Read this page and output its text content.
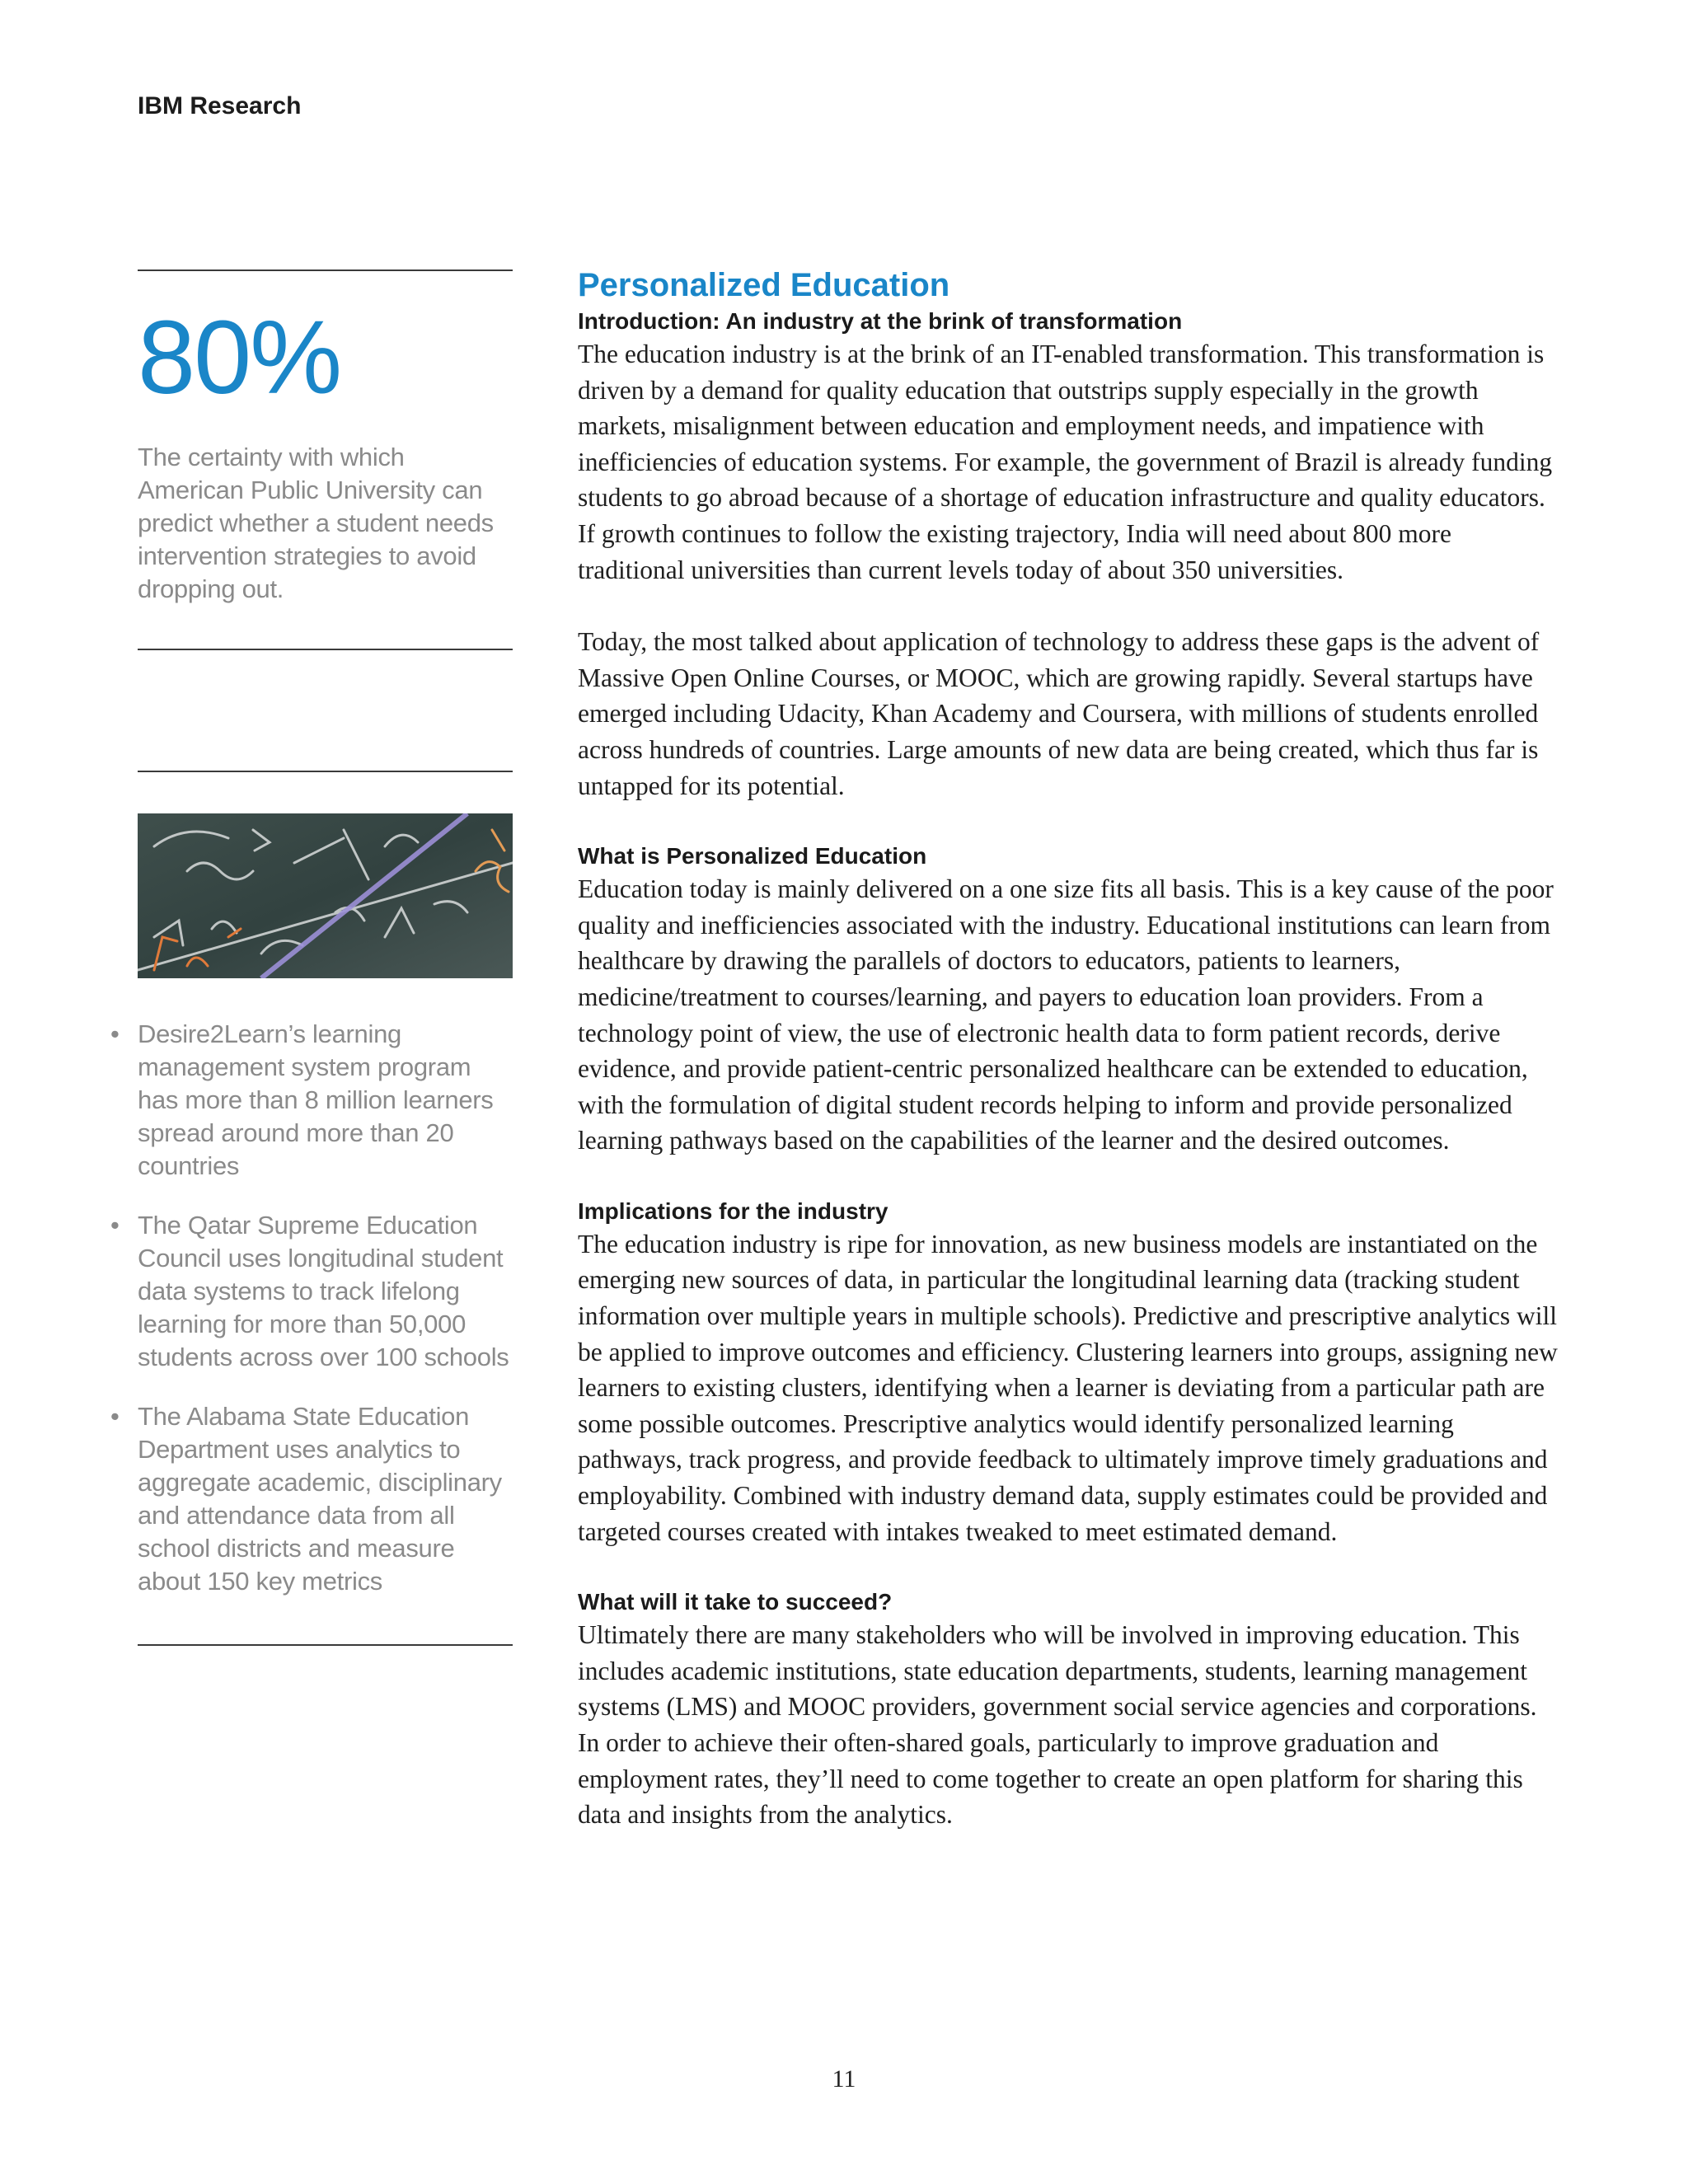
IBM Research
80%
The certainty with which American Public University can predict whether a student needs intervention strategies to avoid dropping out.
• Desire2Learn’s learning management system program has more than 8 million learners spread around more than 20 countries
• The Qatar Supreme Education Council uses longitudinal student data systems to track lifelong learning for more than 50,000 students across over 100 schools
• The Alabama State Education Department uses analytics to aggregate academic, disciplinary and attendance data from all school districts and measure about 150 key metrics
Personalized Education
Introduction: An industry at the brink of transformation

The education industry is at the brink of an IT-enabled transformation. This transformation is driven by a demand for quality education that outstrips supply especially in the growth markets, misalignment between education and employment needs, and impatience with inefficiencies of education systems. For example, the government of Brazil is already funding students to go abroad because of a shortage of education infrastructure and quality educators. If growth continues to follow the existing trajectory, India will need about 800 more traditional universities than current levels today of about 350 universities.

Today, the most talked about application of technology to address these gaps is the advent of Massive Open Online Courses, or MOOC, which are growing rapidly. Several startups have emerged including Udacity, Khan Academy and Coursera, with millions of students enrolled across hundreds of countries. Large amounts of new data are being created, which thus far is untapped for its potential.

What is Personalized Education

Education today is mainly delivered on a one size fits all basis. This is a key cause of the poor quality and inefficiencies associated with the industry. Educational institutions can learn from healthcare by drawing the parallels of doctors to educators, patients to learners, medicine/treatment to courses/learning, and payers to education loan providers. From a technology point of view, the use of electronic health data to form patient records, derive evidence, and provide patient-centric personalized healthcare can be extended to education, with the formulation of digital student records helping to inform and provide personalized learning pathways based on the capabilities of the learner and the desired outcomes.

Implications for the industry

The education industry is ripe for innovation, as new business models are instantiated on the emerging new sources of data, in particular the longitudinal learning data (tracking student information over multiple years in multiple schools). Predictive and prescriptive analytics will be applied to improve outcomes and efficiency. Clustering learners into groups, assigning new learners to existing clusters, identifying when a learner is deviating from a particular path are some possible outcomes. Prescriptive analytics would identify personalized learning pathways, track progress, and provide feedback to ultimately improve timely graduations and employability. Combined with industry demand data, supply estimates could be provided and targeted courses created with intakes tweaked to meet estimated demand.

What will it take to succeed?

Ultimately there are many stakeholders who will be involved in improving education. This includes academic institutions, state education departments, students, learning management systems (LMS) and MOOC providers, government social service agencies and corporations. In order to achieve their often-shared goals, particularly to improve graduation and employment rates, they’ll need to come together to create an open platform for sharing this data and insights from the analytics.

11
